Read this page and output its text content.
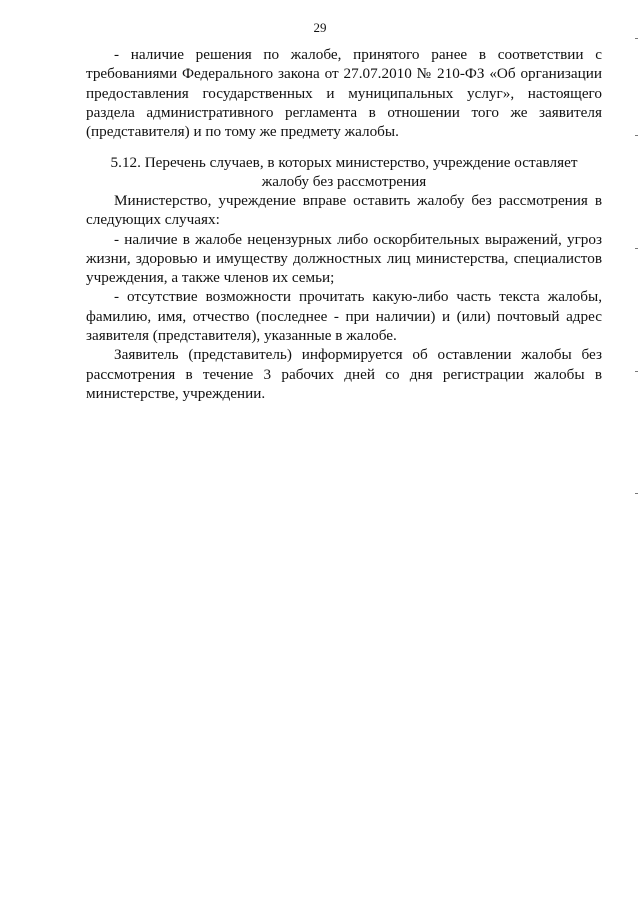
29

- наличие решения по жалобе, принятого ранее в соответствии с требованиями Федерального закона от 27.07.2010 № 210-ФЗ «Об организации предоставления государственных и муниципальных услуг», настоящего раздела административного регламента в отношении того же заявителя (представителя) и по тому же предмету жалобы.

5.12. Перечень случаев, в которых министерство, учреждение оставляет
жалобу без рассмотрения

Министерство, учреждение вправе оставить жалобу без рассмотрения в следующих случаях:

- наличие в жалобе нецензурных либо оскорбительных выражений, угроз жизни, здоровью и имуществу должностных лиц министерства, специалистов учреждения, а также членов их семьи;

- отсутствие возможности прочитать какую-либо часть текста жалобы, фамилию, имя, отчество (последнее - при наличии) и (или) почтовый адрес заявителя (представителя), указанные в жалобе.

Заявитель (представитель) информируется об оставлении жалобы без рассмотрения в течение 3 рабочих дней со дня регистрации жалобы в министерстве, учреждении.
